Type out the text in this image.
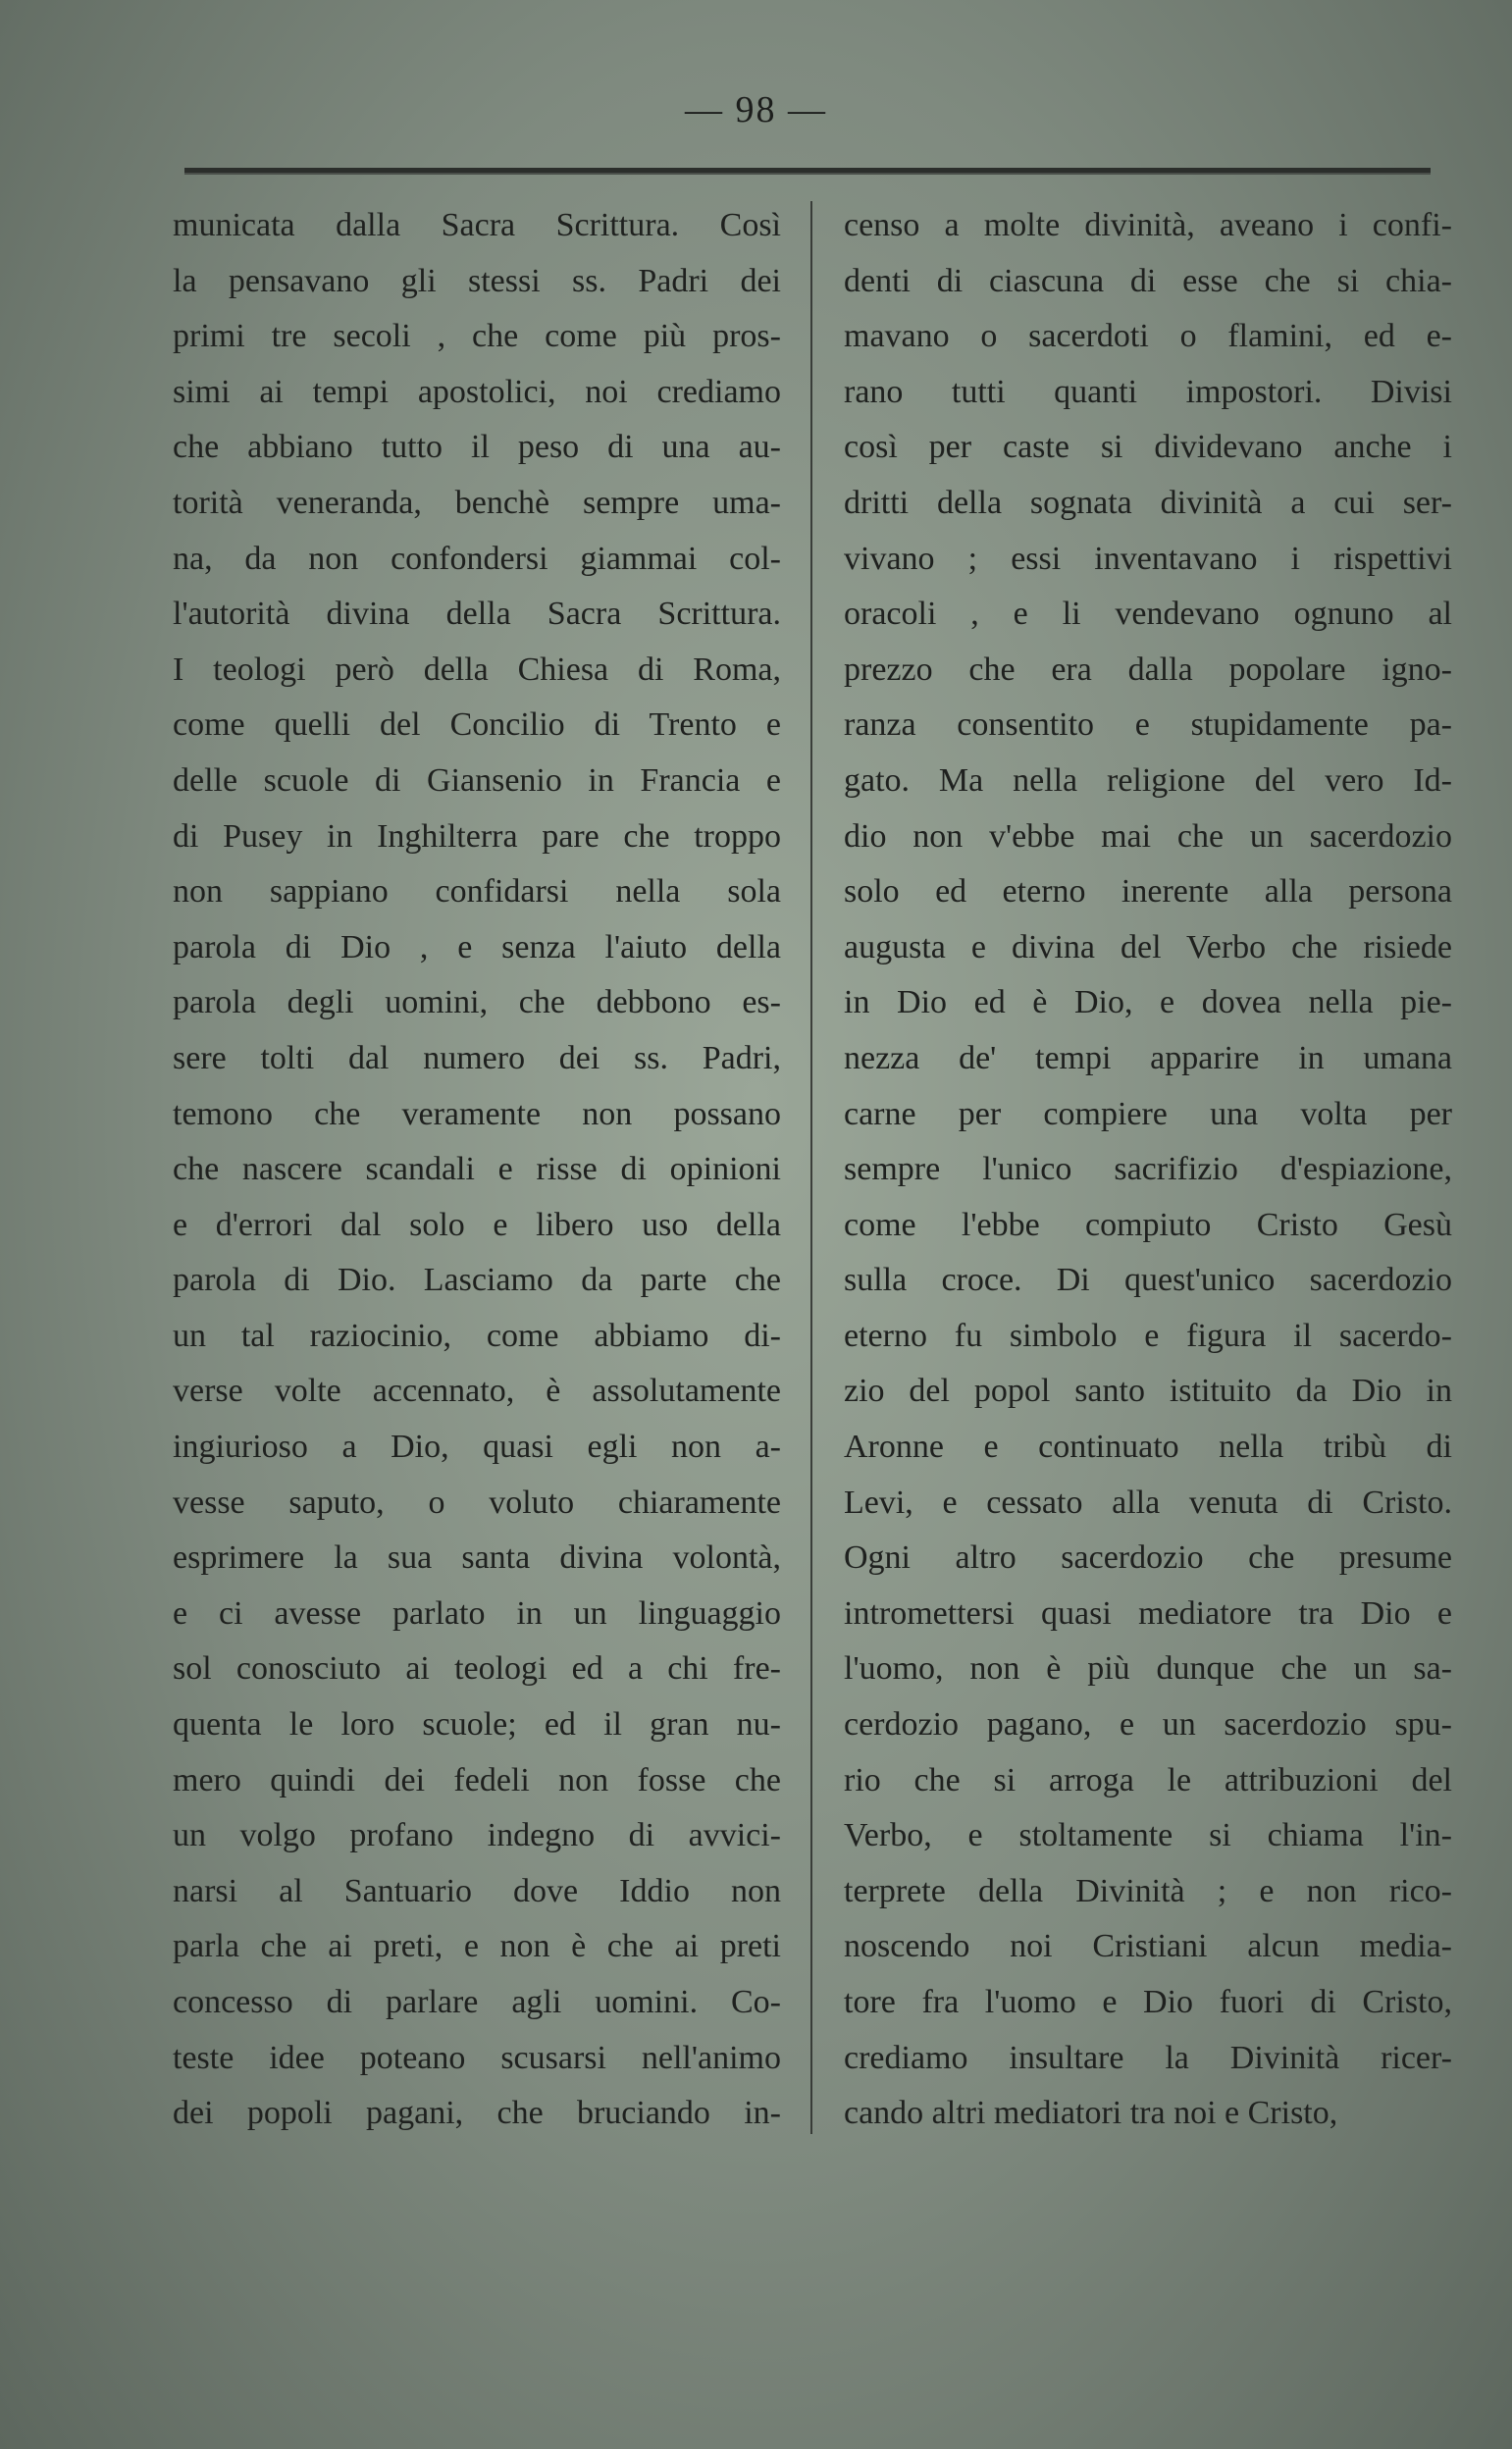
— 98 —
municata dalla Sacra Scrittura. Così
la pensavano gli stessi ss. Padri dei
primi tre secoli , che come più pros-
simi ai tempi apostolici, noi crediamo
che abbiano tutto il peso di una au-
torità veneranda, benchè sempre uma-
na, da non confondersi giammai col-
l'autorità divina della Sacra Scrittura.
I teologi però della Chiesa di Roma,
come quelli del Concilio di Trento e
delle scuole di Giansenio in Francia e
di Pusey in Inghilterra pare che troppo
non sappiano confidarsi nella sola
parola di Dio , e senza l'aiuto della
parola degli uomini, che debbono es-
sere tolti dal numero dei ss. Padri,
temono che veramente non possano
che nascere scandali e risse di opinioni
e d'errori dal solo e libero uso della
parola di Dio. Lasciamo da parte che
un tal raziocinio, come abbiamo di-
verse volte accennato, è assolutamente
ingiurioso a Dio, quasi egli non a-
vesse saputo, o voluto chiaramente
esprimere la sua santa divina volontà,
e ci avesse parlato in un linguaggio
sol conosciuto ai teologi ed a chi fre-
quenta le loro scuole; ed il gran nu-
mero quindi dei fedeli non fosse che
un volgo profano indegno di avvici-
narsi al Santuario dove Iddio non
parla che ai preti, e non è che ai preti
concesso di parlare agli uomini. Co-
teste idee poteano scusarsi nell'animo
dei popoli pagani, che bruciando in-
censo a molte divinità, aveano i confi-
denti di ciascuna di esse che si chia-
mavano o sacerdoti o flamini, ed e-
rano tutti quanti impostori. Divisi
così per caste si dividevano anche i
dritti della sognata divinità a cui ser-
vivano ; essi inventavano i rispettivi
oracoli , e li vendevano ognuno al
prezzo che era dalla popolare igno-
ranza consentito e stupidamente pa-
gato. Ma nella religione del vero Id-
dio non v'ebbe mai che un sacerdozio
solo ed eterno inerente alla persona
augusta e divina del Verbo che risiede
in Dio ed è Dio, e dovea nella pie-
nezza de' tempi apparire in umana
carne per compiere una volta per
sempre l'unico sacrifizio d'espiazione,
come l'ebbe compiuto Cristo Gesù
sulla croce. Di quest'unico sacerdozio
eterno fu simbolo e figura il sacerdo-
zio del popol santo istituito da Dio in
Aronne e continuato nella tribù di
Levi, e cessato alla venuta di Cristo.
Ogni altro sacerdozio che presume
intromettersi quasi mediatore tra Dio e
l'uomo, non è più dunque che un sa-
cerdozio pagano, e un sacerdozio spu-
rio che si arroga le attribuzioni del
Verbo, e stoltamente si chiama l'in-
terprete della Divinità ; e non rico-
noscendo noi Cristiani alcun media-
tore fra l'uomo e Dio fuori di Cristo,
crediamo insultare la Divinità ricer-
cando altri mediatori tra noi e Cristo,
